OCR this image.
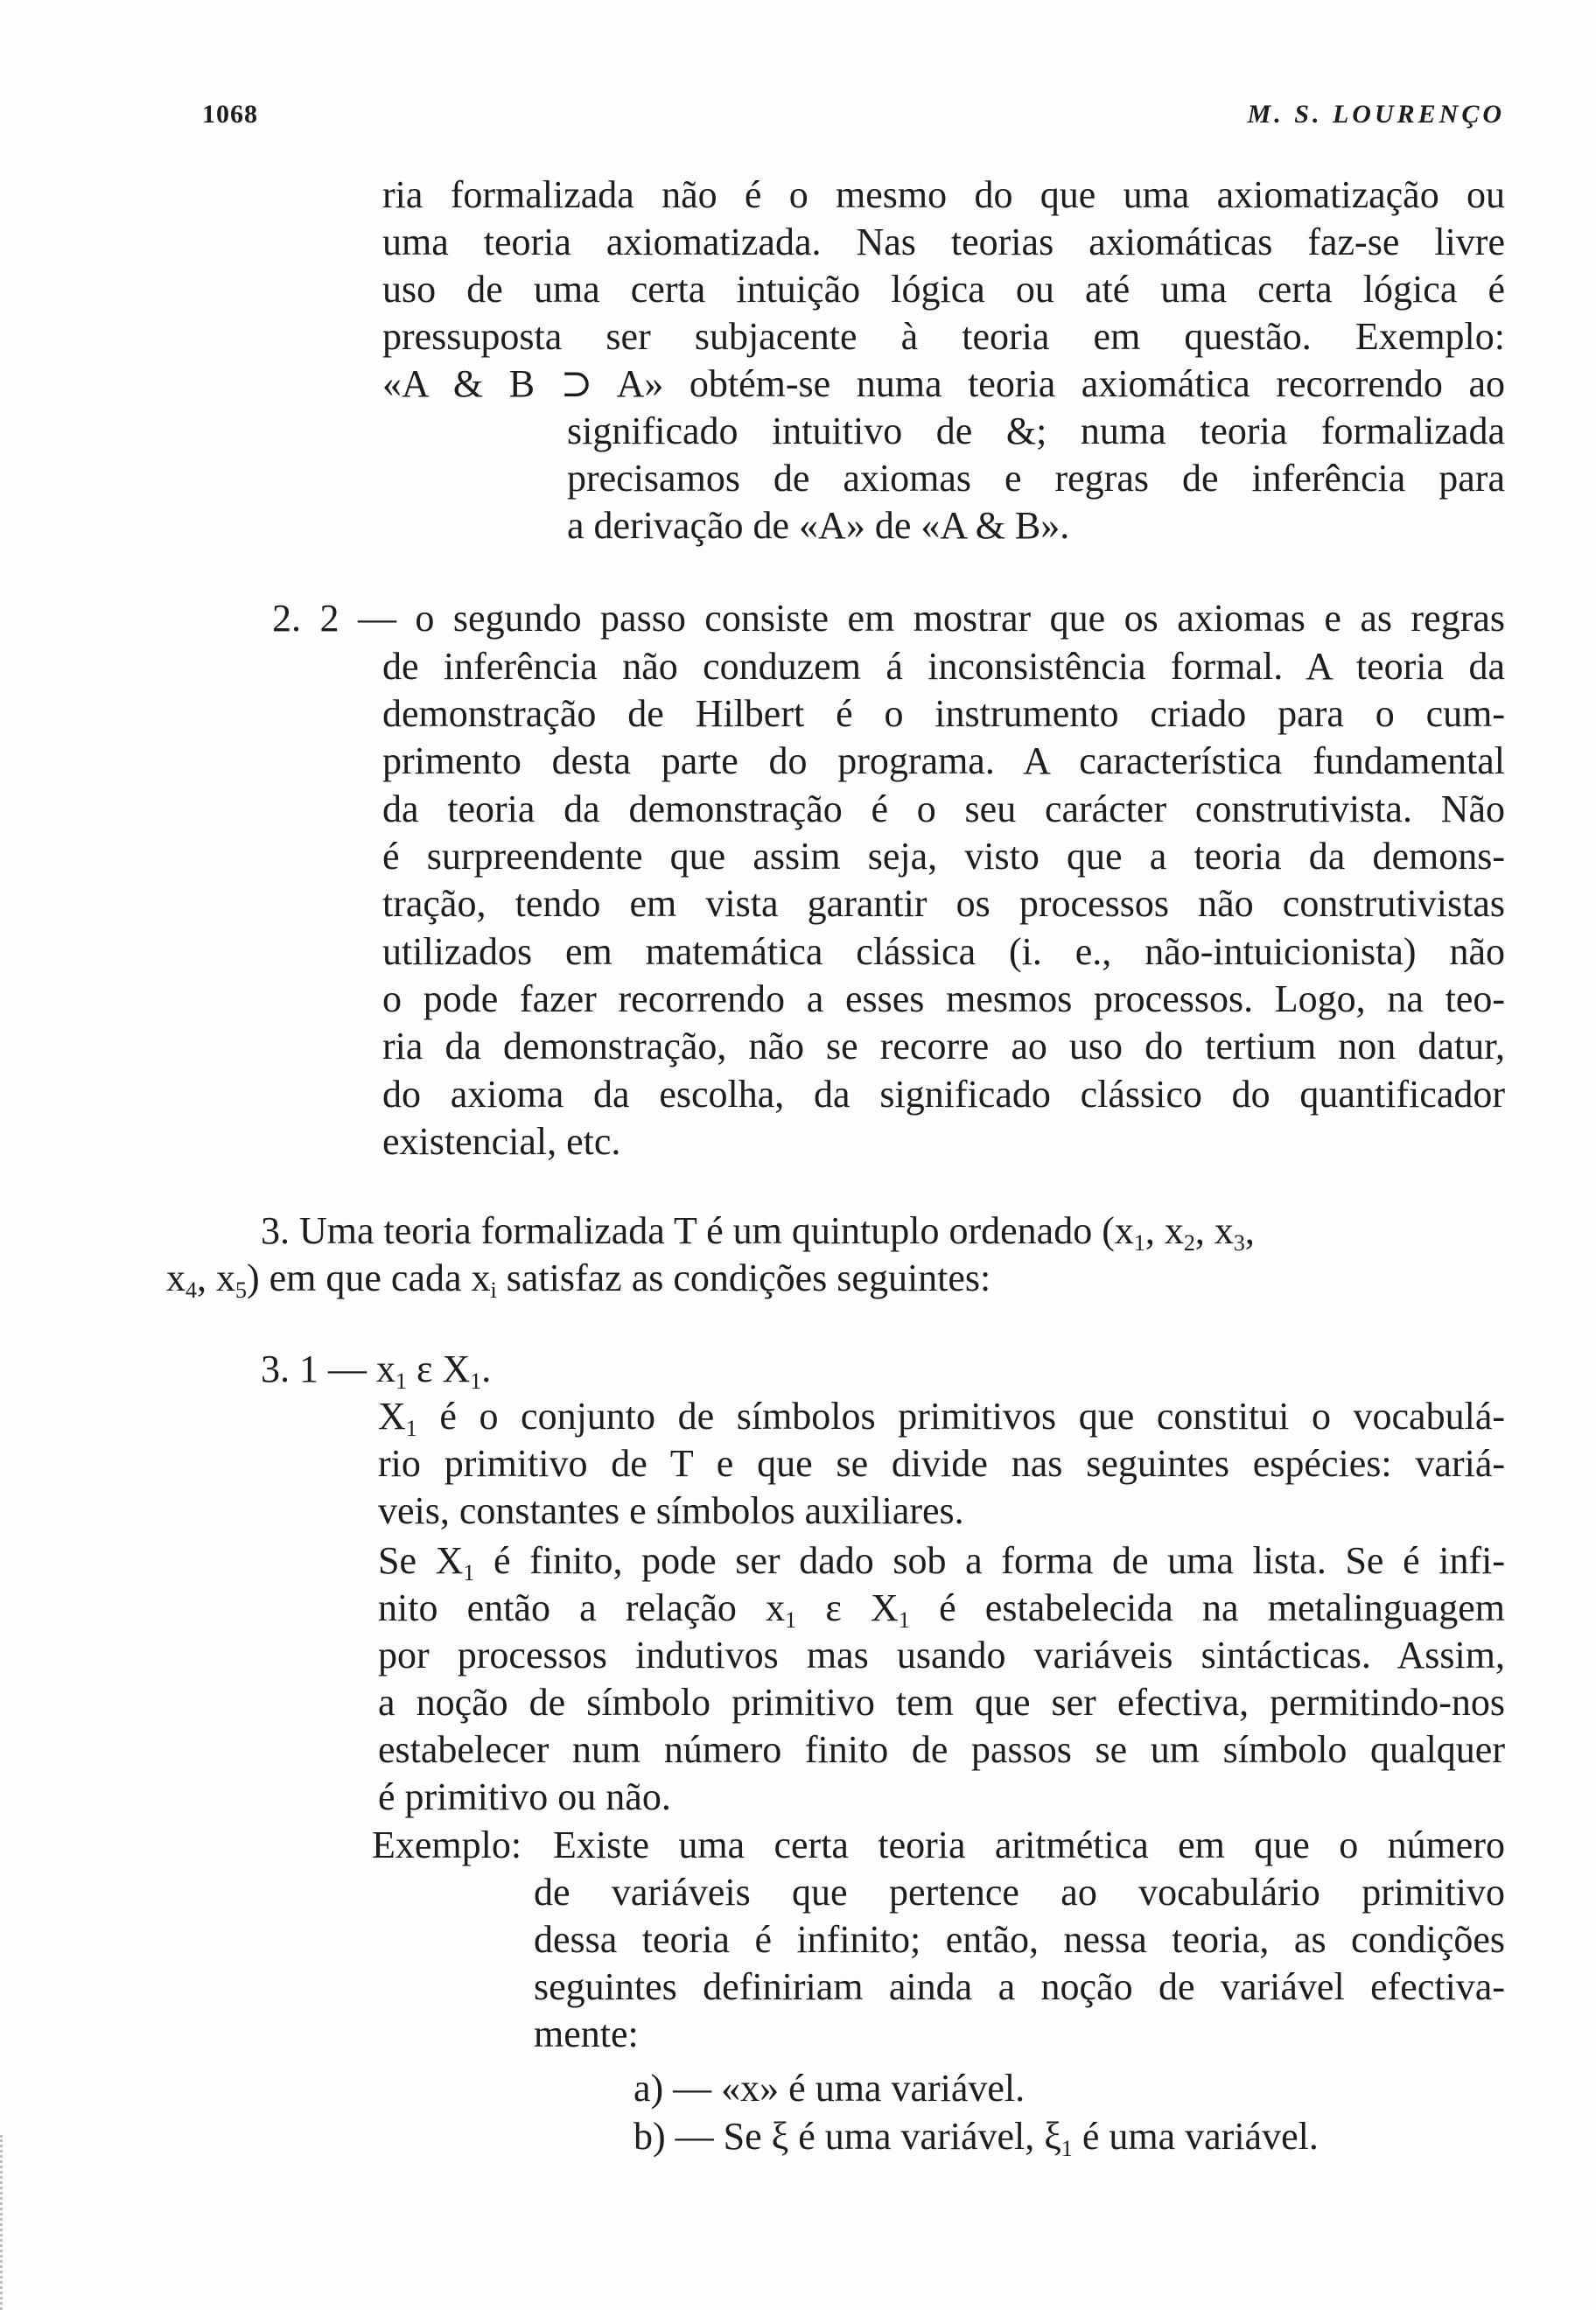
1068	M. S. LOURENÇO
ria formalizada não é o mesmo do que uma axiomatização ou
uma teoria axiomatizada. Nas teorias axiomáticas faz-se livre
uso de uma certa intuição lógica ou até uma certa lógica é
pressuposta ser subjacente à teoria em questão. Exemplo:
«A & B ⊃ A» obtém-se numa teoria axiomática recorrendo ao
significado intuitivo de &; numa teoria formalizada
precisamos de axiomas e regras de inferência para
a derivação de «A» de «A & B».
2. 2 — o segundo passo consiste em mostrar que os axiomas e as regras
de inferência não conduzem á inconsistência formal. A teoria da
demonstração de Hilbert é o instrumento criado para o cum-
primento desta parte do programa. A característica fundamental
da teoria da demonstração é o seu carácter construtivista. Não
é surpreendente que assim seja, visto que a teoria da demons-
tração, tendo em vista garantir os processos não construtivistas
utilizados em matemática clássica (i. e., não-intuicionista) não
o pode fazer recorrendo a esses mesmos processos. Logo, na teo-
ria da demonstração, não se recorre ao uso do tertium non datur,
do axioma da escolha, da significado clássico do quantificador
existencial, etc.
3. Uma teoria formalizada T é um quintuplo ordenado ($x_1$, $x_2$, $x_3$,
$x_4$, $x_5$) em que cada $x_i$ satisfaz as condições seguintes:
3. 1 — $x_1$ ε $X_1$.
$X_1$ é o conjunto de símbolos primitivos que constitui o vocabulá-
rio primitivo de T e que se divide nas seguintes espécies: variá-
veis, constantes e símbolos auxiliares.
Se $X_1$ é finito, pode ser dado sob a forma de uma lista. Se é infi-
nito então a relação $x_1$ ε $X_1$ é estabelecida na metalinguagem
por processos indutivos mas usando variáveis sintácticas. Assim,
a noção de símbolo primitivo tem que ser efectiva, permitindo-nos
estabelecer num número finito de passos se um símbolo qualquer
é primitivo ou não.
Exemplo: Existe uma certa teoria aritmética em que o número
de variáveis que pertence ao vocabulário primitivo
dessa teoria é infinito; então, nessa teoria, as condições
seguintes definiriam ainda a noção de variável efectiva-
mente:
a) — «x» é uma variável.
b) — Se ξ é uma variável, $\xi_1$ é uma variável.
